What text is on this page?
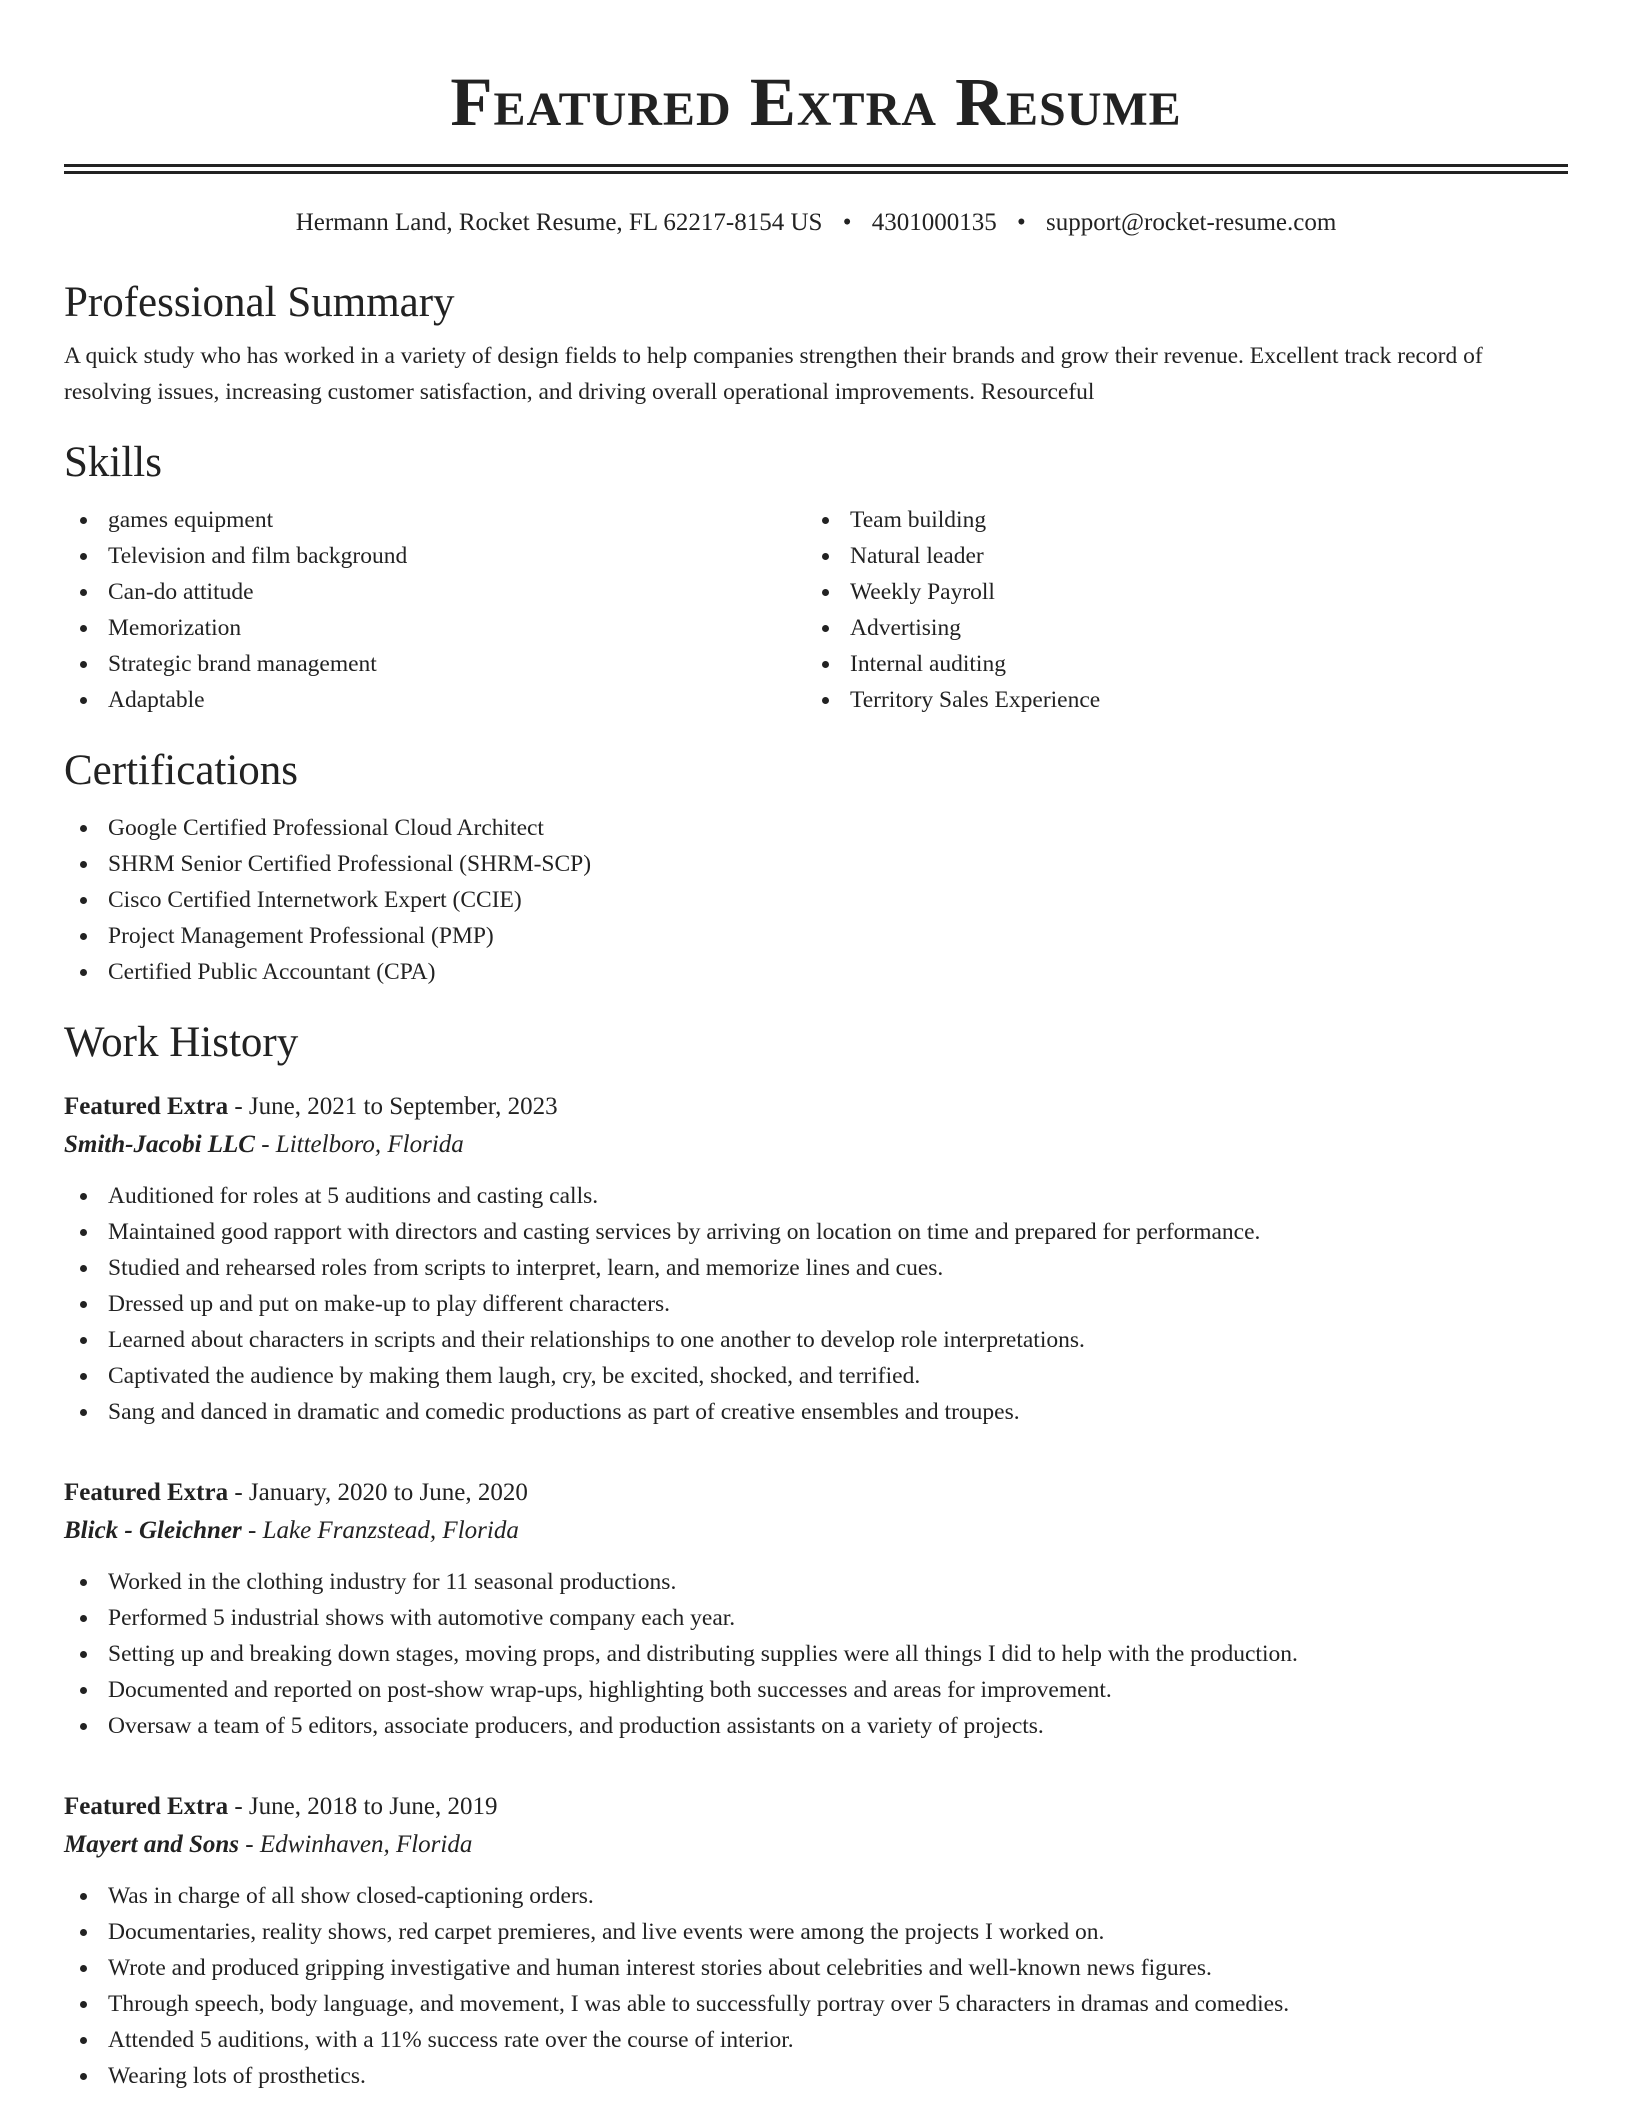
Featured Extra Resume
Hermann Land, Rocket Resume, FL 62217-8154 US • 4301000135 • support@rocket-resume.com
Professional Summary

A quick study who has worked in a variety of design fields to help companies strengthen their brands and grow their revenue. Excellent track record of resolving issues, increasing customer satisfaction, and driving overall operational improvements. Resourceful

Skills
games equipment
Television and film background
Can-do attitude
Memorization
Strategic brand management
Adaptable
Team building
Natural leader
Weekly Payroll
Advertising
Internal auditing
Territory Sales Experience
Certifications
Google Certified Professional Cloud Architect
SHRM Senior Certified Professional (SHRM-SCP)
Cisco Certified Internetwork Expert (CCIE)
Project Management Professional (PMP)
Certified Public Accountant (CPA)
Work History
Featured Extra - June, 2021 to September, 2023
Smith-Jacobi LLC - Littelboro, Florida
Auditioned for roles at 5 auditions and casting calls.
Maintained good rapport with directors and casting services by arriving on location on time and prepared for performance.
Studied and rehearsed roles from scripts to interpret, learn, and memorize lines and cues.
Dressed up and put on make-up to play different characters.
Learned about characters in scripts and their relationships to one another to develop role interpretations.
Captivated the audience by making them laugh, cry, be excited, shocked, and terrified.
Sang and danced in dramatic and comedic productions as part of creative ensembles and troupes.
Featured Extra - January, 2020 to June, 2020
Blick - Gleichner - Lake Franzstead, Florida
Worked in the clothing industry for 11 seasonal productions.
Performed 5 industrial shows with automotive company each year.
Setting up and breaking down stages, moving props, and distributing supplies were all things I did to help with the production.
Documented and reported on post-show wrap-ups, highlighting both successes and areas for improvement.
Oversaw a team of 5 editors, associate producers, and production assistants on a variety of projects.
Featured Extra - June, 2018 to June, 2019
Mayert and Sons - Edwinhaven, Florida
Was in charge of all show closed-captioning orders.
Documentaries, reality shows, red carpet premieres, and live events were among the projects I worked on.
Wrote and produced gripping investigative and human interest stories about celebrities and well-known news figures.
Through speech, body language, and movement, I was able to successfully portray over 5 characters in dramas and comedies.
Attended 5 auditions, with a 11% success rate over the course of interior.
Wearing lots of prosthetics.
